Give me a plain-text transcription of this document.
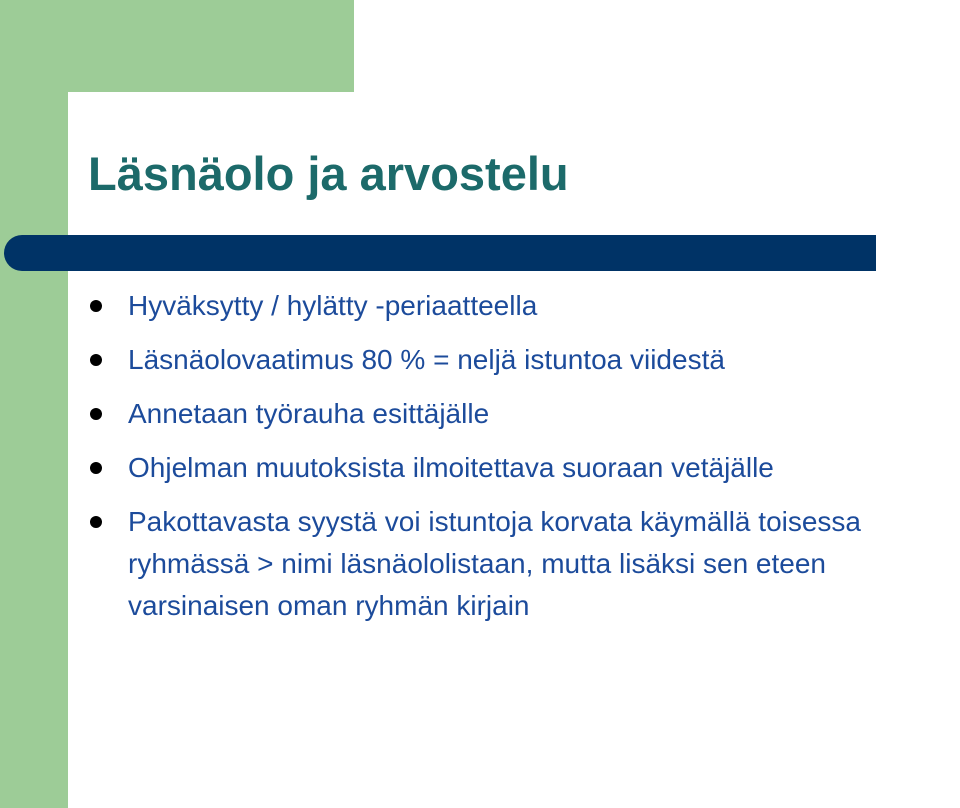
Läsnäolo ja arvostelu
Hyväksytty / hylätty -periaatteella
Läsnäolovaatimus 80 % = neljä istuntoa viidestä
Annetaan työrauha esittäjälle
Ohjelman muutoksista ilmoitettava suoraan vetäjälle
Pakottavasta syystä voi istuntoja korvata käymällä toisessa ryhmässä > nimi läsnäololistaan, mutta lisäksi sen eteen varsinaisen oman ryhmän kirjain
